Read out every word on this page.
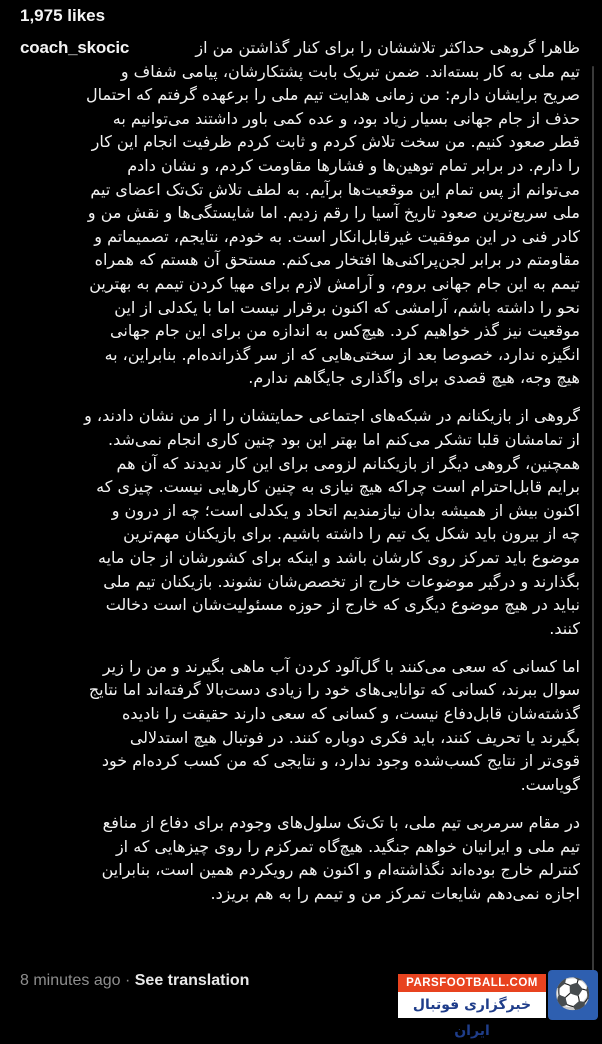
1,975 likes
coach_skocic	ظاهرا گروهی حداکثر تلاششان را برای کنار گذاشتن من از
تیم ملی به کار بسته‌اند. ضمن تبریک بابت پشتکارشان، پیامی شفاف و
صریح برایشان دارم: من زمانی هدایت تیم ملی را برعهده گرفتم که احتمال
حذف از جام جهانی بسیار زیاد بود، و عده کمی باور داشتند می‌توانیم به
قطر صعود کنیم. من سخت تلاش کردم و ثابت کردم ظرفیت انجام این کار
را دارم. در برابر تمام توهین‌ها و فشارها مقاومت کردم، و نشان دادم
می‌توانم از پس تمام این موقعیت‌ها برآیم. به لطف تلاش تک‌تک اعضای تیم
ملی سریع‌ترین صعود تاریخ آسیا را رقم زدیم. اما شایستگی‌ها و نقش من و
کادر فنی در این موفقیت غیرقابل‌انکار است. به خودم، نتایجم، تصمیماتم و
مقاومتم در برابر لجن‌پراکنی‌ها افتخار می‌کنم. مستحق آن هستم که همراه
تیمم به این جام جهانی بروم، و آرامش لازم برای مهیا کردن تیمم به بهترین
نحو را داشته باشم، آرامشی که اکنون برقرار نیست اما با یکدلی از این
موقعیت نیز گذر خواهیم کرد. هیچ‌کس به اندازه من برای این جام جهانی
انگیزه ندارد، خصوصا بعد از سختی‌هایی که از سر گذرانده‌ام. بنابراین، به
هیچ وجه، هیچ قصدی برای واگذاری جایگاهم ندارم.
گروهی از بازیکنانم در شبکه‌های اجتماعی حمایتشان را از من نشان دادند، و
از تمامشان قلبا تشکر می‌کنم اما بهتر این بود چنین کاری انجام نمی‌شد.
همچنین، گروهی دیگر از بازیکنانم لزومی برای این کار ندیدند که آن هم
برایم قابل‌احترام است چراکه هیچ نیازی به چنین کارهایی نیست. چیزی که
اکنون بیش از همیشه بدان نیازمندیم اتحاد و یکدلی است؛ چه از درون و
چه از بیرون باید شکل یک تیم را داشته باشیم. برای بازیکنان مهم‌ترین
موضوع باید تمرکز روی کارشان باشد و اینکه برای کشورشان از جان مایه
بگذارند و درگیر موضوعات خارج از تخصص‌شان نشوند. بازیکنان تیم ملی
نباید در هیچ موضوع دیگری که خارج از حوزه مسئولیت‌شان است دخالت
کنند.
اما کسانی که سعی می‌کنند با گل‌آلود کردن آب ماهی بگیرند و من را زیر
سوال ببرند، کسانی که توانایی‌های خود را زیادی دست‌بالا گرفته‌اند اما نتایج
گذشته‌شان قابل‌دفاع نیست، و کسانی که سعی دارند حقیقت را نادیده
بگیرند یا تحریف کنند، باید فکری دوباره کنند. در فوتبال هیچ استدلالی
قوی‌تر از نتایج کسب‌شده وجود ندارد، و نتایجی که من کسب کرده‌ام خود
گویاست.
در مقام سرمربی تیم ملی، با تک‌تک سلول‌های وجودم برای دفاع از منافع
تیم ملی و ایرانیان خواهم جنگید. هیچ‌گاه تمرکزم را روی چیزهایی که از
کنترلم خارج بوده‌اند نگذاشته‌ام و اکنون هم رویکردم همین است، بنابراین
اجازه نمی‌دهم شایعات تمرکز من و تیمم را به هم بریزد.
8 minutes ago · See translation	PARSFOOTBALL.COM
خبرگزاری فوتبال ایران
⚽
